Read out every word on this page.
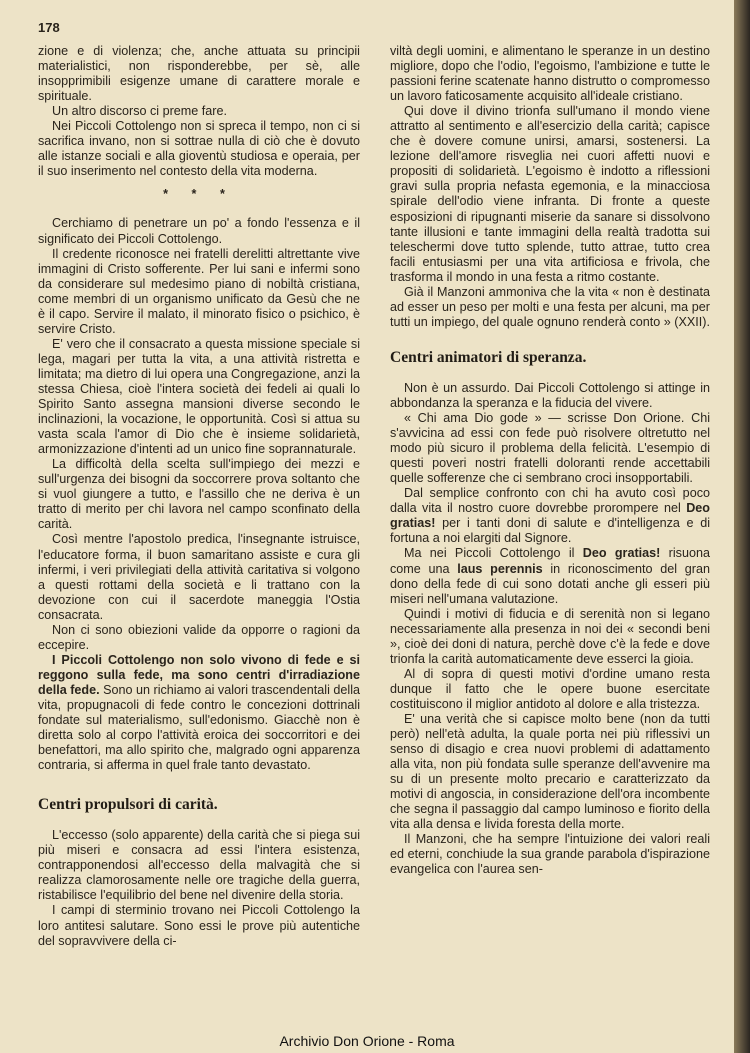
178

zione e di violenza; che, anche attuata su principii materialistici, non risponderebbe, per sè, alle insopprimibili esigenze umane di carattere morale e spirituale.

Un altro discorso ci preme fare.

Nei Piccoli Cottolengo non si spreca il tempo, non ci si sacrifica invano, non si sottrae nulla di ciò che è dovuto alle istanze sociali e alla gioventù studiosa e operaia, per il suo inserimento nel contesto della vita moderna.

* * *

Cerchiamo di penetrare un po' a fondo l'essenza e il significato dei Piccoli Cottolengo.

Il credente riconosce nei fratelli derelitti altrettante vive immagini di Cristo sofferente. Per lui sani e infermi sono da considerare sul medesimo piano di nobiltà cristiana, come membri di un organismo unificato da Gesù che ne è il capo. Servire il malato, il minorato fisico o psichico, è servire Cristo.

E' vero che il consacrato a questa missione speciale si lega, magari per tutta la vita, a una attività ristretta e limitata; ma dietro di lui opera una Congregazione, anzi la stessa Chiesa, cioè l'intera società dei fedeli ai quali lo Spirito Santo assegna mansioni diverse secondo le inclinazioni, la vocazione, le opportunità. Così si attua su vasta scala l'amor di Dio che è insieme solidarietà, armonizzazione d'intenti ad un unico fine soprannaturale.

La difficoltà della scelta sull'impiego dei mezzi e sull'urgenza dei bisogni da soccorrere prova soltanto che si vuol giungere a tutto, e l'assillo che ne deriva è un tratto di merito per chi lavora nel campo sconfinato della carità.

Così mentre l'apostolo predica, l'insegnante istruisce, l'educatore forma, il buon samaritano assiste e cura gli infermi, i veri privilegiati della attività caritativa si volgono a questi rottami della società e li trattano con la devozione con cui il sacerdote maneggia l'Ostia consacrata.

Non ci sono obiezioni valide da opporre o ragioni da eccepire.

I Piccoli Cottolengo non solo vivono di fede e si reggono sulla fede, ma sono centri d'irradiazione della fede. Sono un richiamo ai valori trascendentali della vita, propugnacoli di fede contro le concezioni dottrinali fondate sul materialismo, sull'edonismo. Giacchè non è diretta solo al corpo l'attività eroica dei soccorritori e dei benefattori, ma allo spirito che, malgrado ogni apparenza contraria, si afferma in quel frale tanto devastato.

Centri propulsori di carità.

L'eccesso (solo apparente) della carità che si piega sui più miseri e consacra ad essi l'intera esistenza, contrapponendosi all'eccesso della malvagità che si realizza clamorosamente nelle ore tragiche della guerra, ristabilisce l'equilibrio del bene nel divenire della storia.

I campi di sterminio trovano nei Piccoli Cottolengo la loro antitesi salutare. Sono essi le prove più autentiche del sopravvivere della ci-

viltà degli uomini, e alimentano le speranze in un destino migliore, dopo che l'odio, l'egoismo, l'ambizione e tutte le passioni ferine scatenate hanno distrutto o compromesso un lavoro faticosamente acquisito all'ideale cristiano.

Qui dove il divino trionfa sull'umano il mondo viene attratto al sentimento e all'esercizio della carità; capisce che è dovere comune unirsi, amarsi, sostenersi. La lezione dell'amore risveglia nei cuori affetti nuovi e propositi di solidarietà. L'egoismo è indotto a riflessioni gravi sulla propria nefasta egemonia, e la minacciosa spirale dell'odio viene infranta. Di fronte a queste esposizioni di ripugnanti miserie da sanare si dissolvono tante illusioni e tante immagini della realtà tradotta sui teleschermi dove tutto splende, tutto attrae, tutto crea facili entusiasmi per una vita artificiosa e frivola, che trasforma il mondo in una festa a ritmo costante.

Già il Manzoni ammoniva che la vita « non è destinata ad esser un peso per molti e una festa per alcuni, ma per tutti un impiego, del quale ognuno renderà conto » (XXII).

Centri animatori di speranza.

Non è un assurdo. Dai Piccoli Cottolengo si attinge in abbondanza la speranza e la fiducia del vivere.

« Chi ama Dio gode » — scrisse Don Orione. Chi s'avvicina ad essi con fede può risolvere oltretutto nel modo più sicuro il problema della felicità. L'esempio di questi poveri nostri fratelli doloranti rende accettabili quelle sofferenze che ci sembrano croci insopportabili.

Dal semplice confronto con chi ha avuto così poco dalla vita il nostro cuore dovrebbe prorompere nel Deo gratias! per i tanti doni di salute e d'intelligenza e di fortuna a noi elargiti dal Signore.

Ma nei Piccoli Cottolengo il Deo gratias! risuona come una laus perennis in riconoscimento del gran dono della fede di cui sono dotati anche gli esseri più miseri nell'umana valutazione.

Quindi i motivi di fiducia e di serenità non si legano necessariamente alla presenza in noi dei « secondi beni », cioè dei doni di natura, perchè dove c'è la fede e dove trionfa la carità automaticamente deve esserci la gioia.

Al di sopra di questi motivi d'ordine umano resta dunque il fatto che le opere buone esercitate costituiscono il miglior antidoto al dolore e alla tristezza.

E' una verità che si capisce molto bene (non da tutti però) nell'età adulta, la quale porta nei più riflessivi un senso di disagio e crea nuovi problemi di adattamento alla vita, non più fondata sulle speranze dell'avvenire ma su di un presente molto precario e caratterizzato da motivi di angoscia, in considerazione dell'ora incombente che segna il passaggio dal campo luminoso e fiorito della vita alla densa e livida foresta della morte.

Il Manzoni, che ha sempre l'intuizione dei valori reali ed eterni, conchiude la sua grande parabola d'ispirazione evangelica con l'aurea sen-

Archivio Don Orione - Roma
